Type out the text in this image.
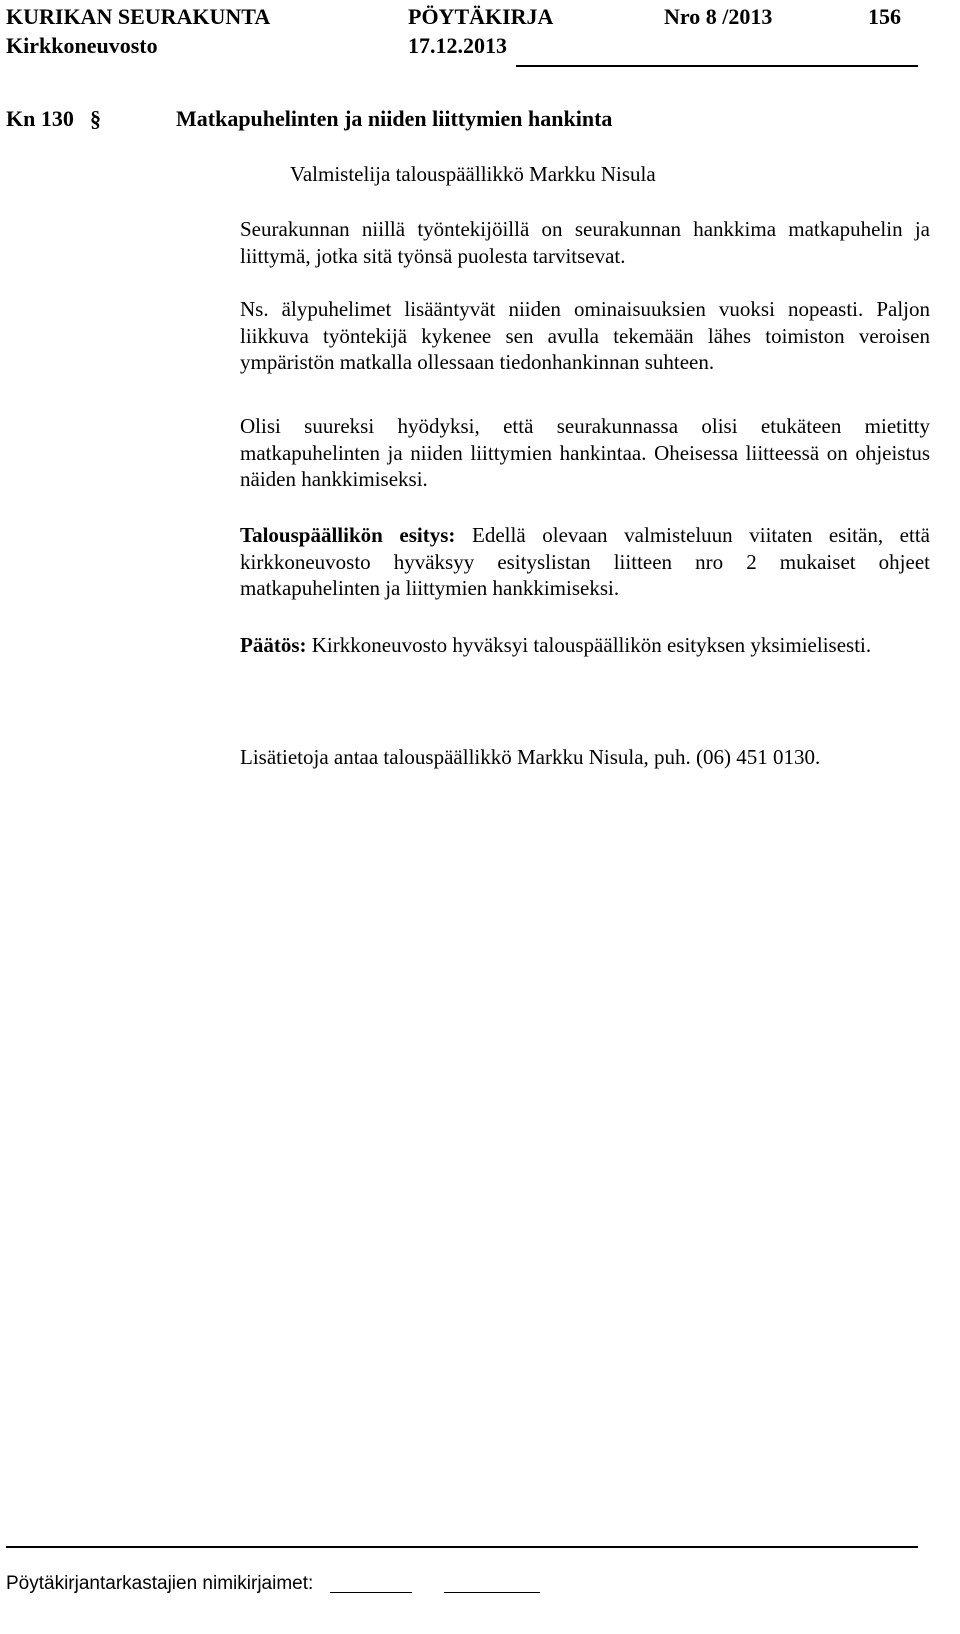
KURIKAN SEURAKUNTA	PÖYTÄKIRJA	Nro 8 /2013	156
Kirkkoneuvosto	17.12.2013
Kn 130 §	Matkapuhelinten ja niiden liittymien hankinta
Valmistelija talouspäällikkö Markku Nisula

Seurakunnan niillä työntekijöillä on seurakunnan hankkima matkapuhelin ja liittymä, jotka sitä työnsä puolesta tarvitsevat.

Ns. älypuhelimet lisääntyvät niiden ominaisuuksien vuoksi nopeasti. Paljon liikkuva työntekijä kykenee sen avulla tekemään lähes toimiston veroisen ympäristön matkalla ollessaan tiedonhankinnan suhteen.

Olisi suureksi hyödyksi, että seurakunnassa olisi etukäteen mietitty matkapuhelinten ja niiden liittymien hankintaa. Oheisessa liitteessä on ohjeistus näiden hankkimiseksi.

Talouspäällikön esitys: Edellä olevaan valmisteluun viitaten esitän, että kirkkoneuvosto hyväksyy esityslistan liitteen nro 2 mukaiset ohjeet matkapuhelinten ja liittymien hankkimiseksi.

Päätös: Kirkkoneuvosto hyväksyi talouspäällikön esityksen yksimielisesti.

Lisätietoja antaa talouspäällikkö Markku Nisula, puh. (06) 451 0130.

Pöytäkirjantarkastajien nimikirjaimet:
